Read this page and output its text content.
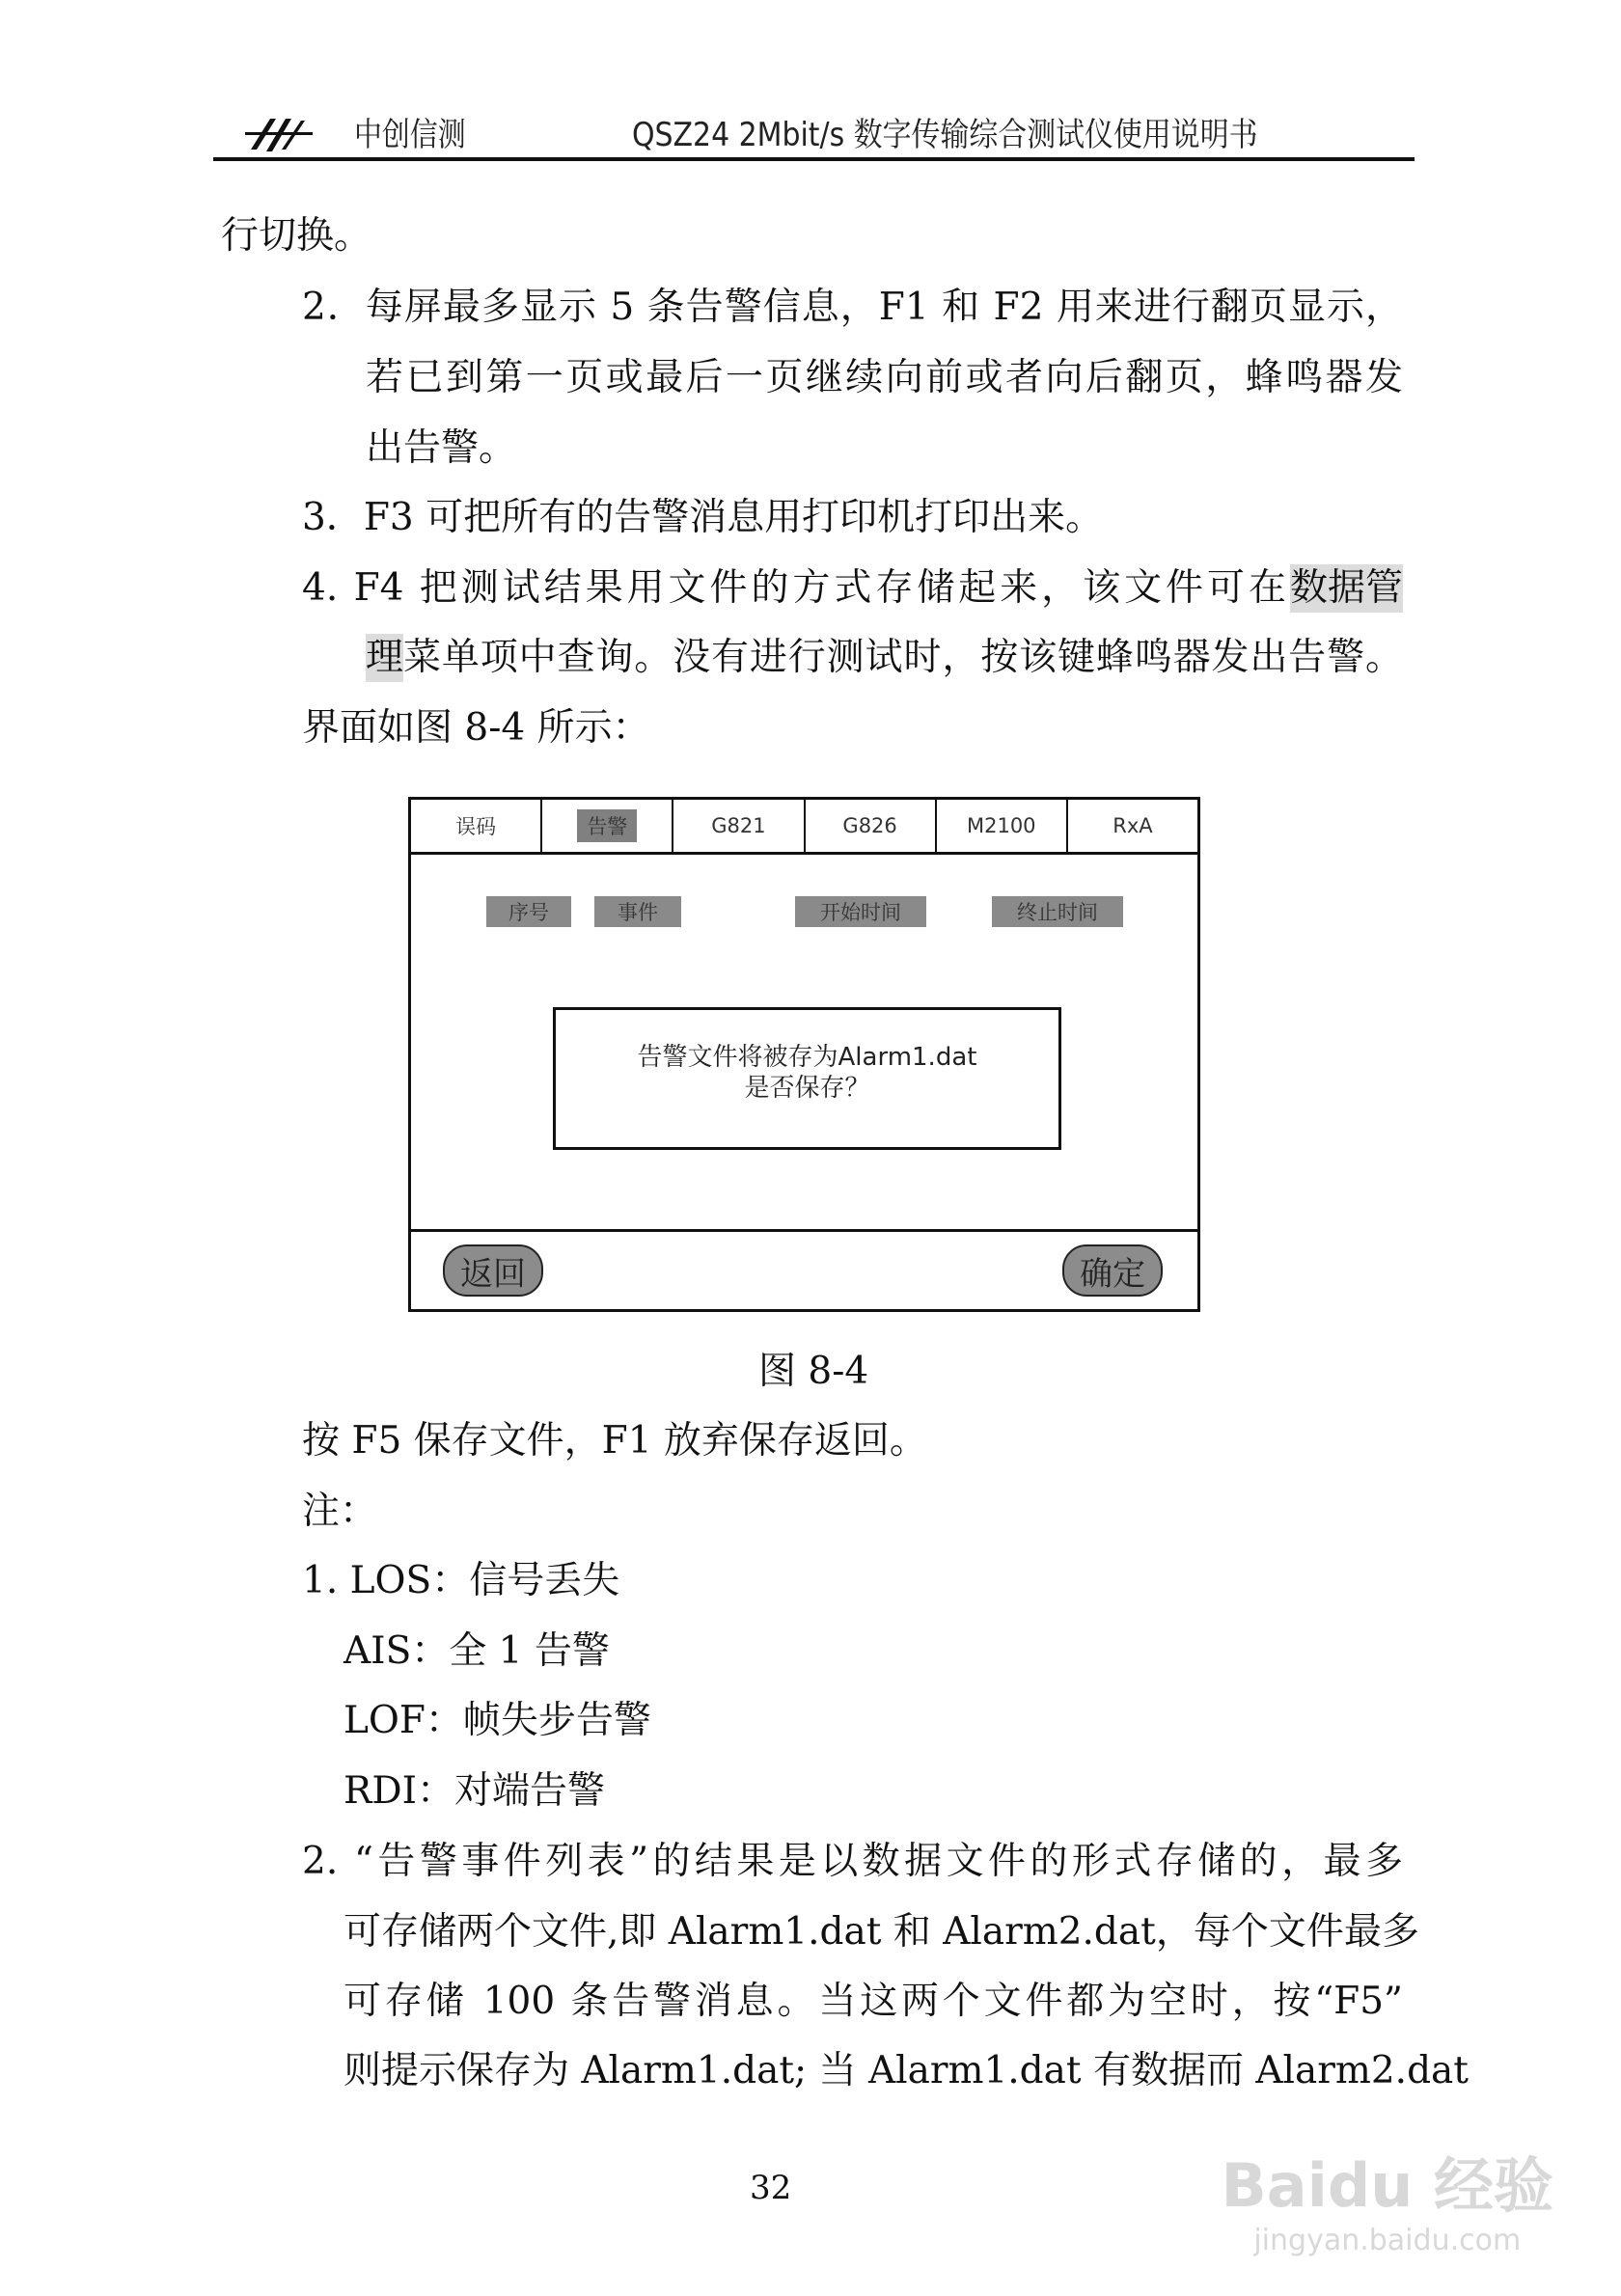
中创信测	QSZ24 2Mbit/s 数字传输综合测试仪使用说明书
行切换。
2．每屏最多显示 5 条告警信息，F1 和 F2 用来进行翻页显示，
若已到第一页或最后一页继续向前或者向后翻页，蜂鸣器发
出告警。
3．F3 可把所有的告警消息用打印机打印出来。
4. F4 把测试结果用文件的方式存储起来，该文件可在 数据管
理 菜单项中查询。没有进行测试时，按该键蜂鸣器发出告警。
界面如图 8-4 所示：
误码	告警	G821	G826	M2100	RxA
序号	事件	开始时间	终止时间
告警文件将被存为Alarm1.dat
是否保存？
返回	确定
图 8-4
按 F5 保存文件，F1 放弃保存返回。
注：
1. LOS：信号丢失
AIS：全 1 告警
LOF：帧失步告警
RDI：对端告警
2. “告警事件列表”的结果是以数据文件的形式存储的，最多
可存储两个文件,即 Alarm1.dat 和 Alarm2.dat，每个文件最多
可存储 100 条告警消息。当这两个文件都为空时，按“F5”
则提示保存为 Alarm1.dat; 当 Alarm1.dat 有数据而 Alarm2.dat
32	Baidu 经验
jingyan.baidu.com
